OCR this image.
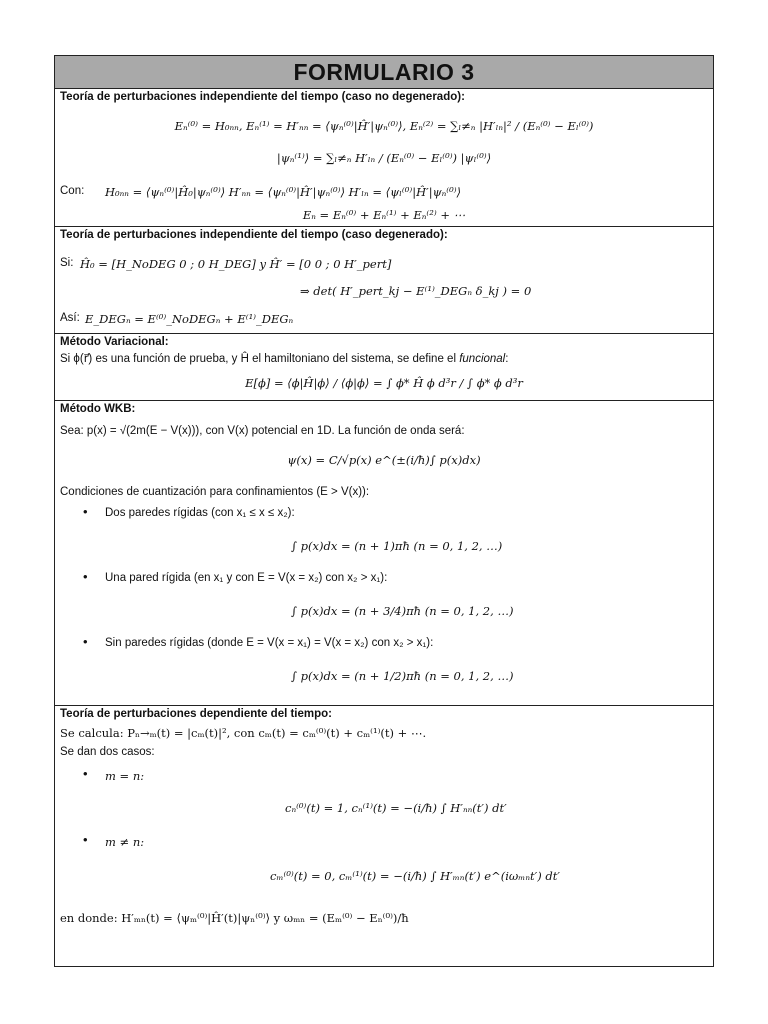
FORMULARIO 3
Teoría de perturbaciones independiente del tiempo (caso no degenerado):
Eₙ⁽⁰⁾ = H₀ₙₙ, Eₙ⁽¹⁾ = H′ₙₙ = ⟨ψₙ⁽⁰⁾|Ĥ′|ψₙ⁽⁰⁾⟩, Eₙ⁽²⁾ = ∑ₗ≠ₙ |H′ₗₙ|² / (Eₙ⁽⁰⁾ − Eₗ⁽⁰⁾)
|ψₙ⁽¹⁾⟩ = ∑ₗ≠ₙ H′ₗₙ / (Eₙ⁽⁰⁾ − Eₗ⁽⁰⁾) |ψₗ⁽⁰⁾⟩
Con: H₀ₙₙ = ⟨ψₙ⁽⁰⁾|Ĥ₀|ψₙ⁽⁰⁾⟩ H′ₙₙ = ⟨ψₙ⁽⁰⁾|Ĥ′|ψₙ⁽⁰⁾⟩ H′ₗₙ = ⟨ψₗ⁽⁰⁾|Ĥ′|ψₙ⁽⁰⁾⟩
Eₙ = Eₙ⁽⁰⁾ + Eₙ⁽¹⁾ + Eₙ⁽²⁾ + ⋯
Teoría de perturbaciones independiente del tiempo (caso degenerado):
Si: Ĥ₀ = [H_NoDEG 0 ; 0 H_DEG] y Ĥ′ = [0 0 ; 0 H′_pert]
⇒ det( H′_pert_kj − E⁽¹⁾_DEGₙ δ_kj ) = 0
Así: E_DEGₙ = E⁽⁰⁾_NoDEGₙ + E⁽¹⁾_DEGₙ
Método Variacional:
Si ϕ(r⃗) es una función de prueba, y Ĥ el hamiltoniano del sistema, se define el funcional:
E[ϕ] = ⟨ϕ|Ĥ|ϕ⟩ / ⟨ϕ|ϕ⟩ = ∫ ϕ* Ĥ ϕ d³r / ∫ ϕ* ϕ d³r
Método WKB:
Sea: p(x) = √(2m(E − V(x))), con V(x) potencial en 1D. La función de onda será:
ψ(x) = C/√p(x) e^(±(i/ħ)∫ p(x)dx)
Condiciones de cuantización para confinamientos (E > V(x)):
• Dos paredes rígidas (con x₁ ≤ x ≤ x₂):
∫ p(x)dx = (n + 1)πħ (n = 0, 1, 2, …)
• Una pared rígida (en x₁ y con E = V(x = x₂) con x₂ > x₁):
∫ p(x)dx = (n + 3/4)πħ (n = 0, 1, 2, …)
• Sin paredes rígidas (donde E = V(x = x₁) = V(x = x₂) con x₂ > x₁):
∫ p(x)dx = (n + 1/2)πħ (n = 0, 1, 2, …)
Teoría de perturbaciones dependiente del tiempo:
Se calcula: Pₙ→ₘ(t) = |cₘ(t)|², con cₘ(t) = cₘ⁽⁰⁾(t) + cₘ⁽¹⁾(t) + ⋯.
Se dan dos casos:
• m = n:
cₙ⁽⁰⁾(t) = 1, cₙ⁽¹⁾(t) = −(i/ħ) ∫ H′ₙₙ(t′) dt′
• m ≠ n:
cₘ⁽⁰⁾(t) = 0, cₘ⁽¹⁾(t) = −(i/ħ) ∫ H′ₘₙ(t′) e^(iωₘₙt′) dt′
en donde: H′ₘₙ(t) = ⟨ψₘ⁽⁰⁾|Ĥ′(t)|ψₙ⁽⁰⁾⟩ y ωₘₙ = (Eₘ⁽⁰⁾ − Eₙ⁽⁰⁾)/ħ
